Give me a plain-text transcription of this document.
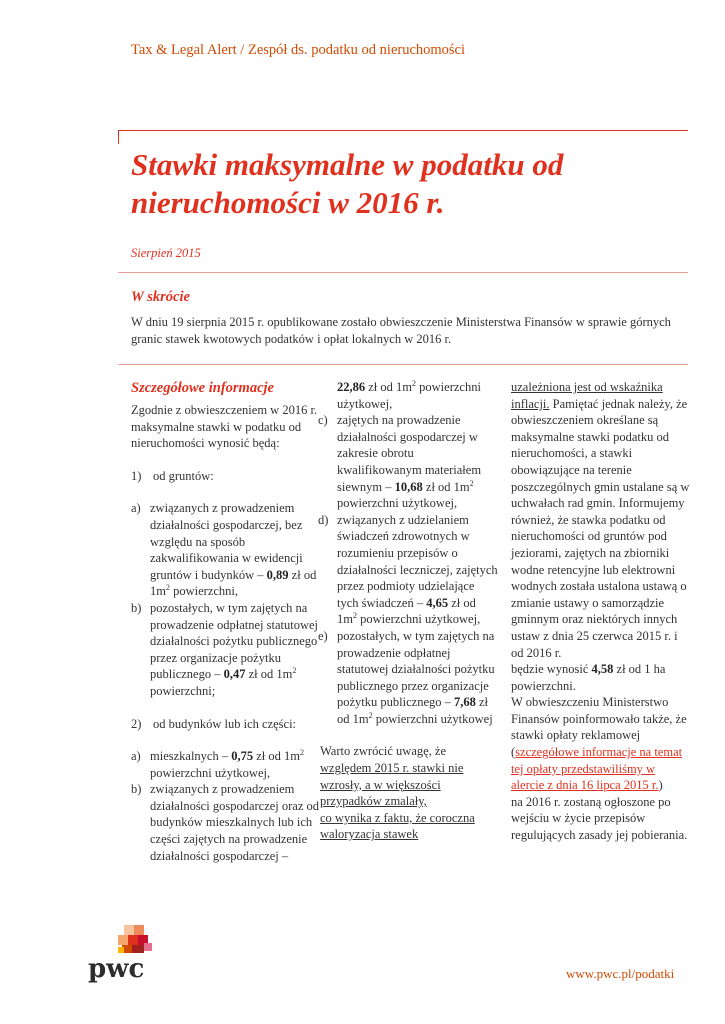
Tax & Legal Alert / Zespół ds. podatku od nieruchomości
Stawki maksymalne w podatku od nieruchomości w 2016 r.
Sierpień 2015
W skrócie
W dniu 19 sierpnia 2015 r. opublikowane zostało obwieszczenie Ministerstwa Finansów w sprawie górnych granic stawek kwotowych podatków i opłat lokalnych w 2016 r.

Szczegółowe informacje

Zgodnie z obwieszczeniem w 2016 r. maksymalne stawki w podatku od nieruchomości wynosić będą:

1) od gruntów:
a) związanych z prowadzeniem działalności gospodarczej, bez względu na sposób zakwalifikowania w ewidencji gruntów i budynków – 0,89 zł od $1m^2$ powierzchni,
b) pozostałych, w tym zajętych na prowadzenie odpłatnej statutowej działalności pożytku publicznego przez organizacje pożytku publicznego – 0,47 zł od $1m^2$ powierzchni;
2) od budynków lub ich części:
a) mieszkalnych – 0,75 zł od $1m^2$ powierzchni użytkowej,
b) związanych z prowadzeniem działalności gospodarczej oraz od budynków mieszkalnych lub ich części zajętych na prowadzenie działalności gospodarczej –
22,86 zł od $1m^2$ powierzchni użytkowej,
c) zajętych na prowadzenie działalności gospodarczej w zakresie obrotu kwalifikowanym materiałem siewnym – 10,68 zł od $1m^2$ powierzchni użytkowej,
d) związanych z udzielaniem świadczeń zdrowotnych w rozumieniu przepisów o działalności leczniczej, zajętych przez podmioty udzielające tych świadczeń – 4,65 zł od $1m^2$ powierzchni użytkowej,
e) pozostałych, w tym zajętych na prowadzenie odpłatnej statutowej działalności pożytku publicznego przez organizacje pożytku publicznego – 7,68 zł od $1m^2$ powierzchni użytkowej

Warto zwrócić uwagę, że

względem 2015 r. stawki nie

wzrosły, a w większości

przypadków zmalały,

co wynika z faktu, że coroczna

waloryzacja stawek

uzależniona jest od wskaźnika
inflacji. Pamiętać jednak należy, że obwieszczeniem określane są maksymalne stawki podatku od nieruchomości, a stawki obowiązujące na terenie poszczególnych gmin ustalane są w uchwałach rad gmin. Informujemy również, że stawka podatku od nieruchomości od gruntów pod jeziorami, zajętych na zbiorniki wodne retencyjne lub elektrowni wodnych została ustalona ustawą o zmianie ustawy o samorządzie gminnym oraz niektórych innych ustaw z dnia 25 czerwca 2015 r. i od 2016 r.

będzie wynosić 4,58 zł od 1 ha powierzchni.

W obwieszczeniu Ministerstwo Finansów poinformowało także, że stawki opłaty reklamowej (szczegółowe informacje na temat tej opłaty przedstawiliśmy w alercie z dnia 16 lipca 2015 r.)

na 2016 r. zostaną ogłoszone po wejściu w życie przepisów regulujących zasady jej pobierania.

pwc	www.pwc.pl/podatki
